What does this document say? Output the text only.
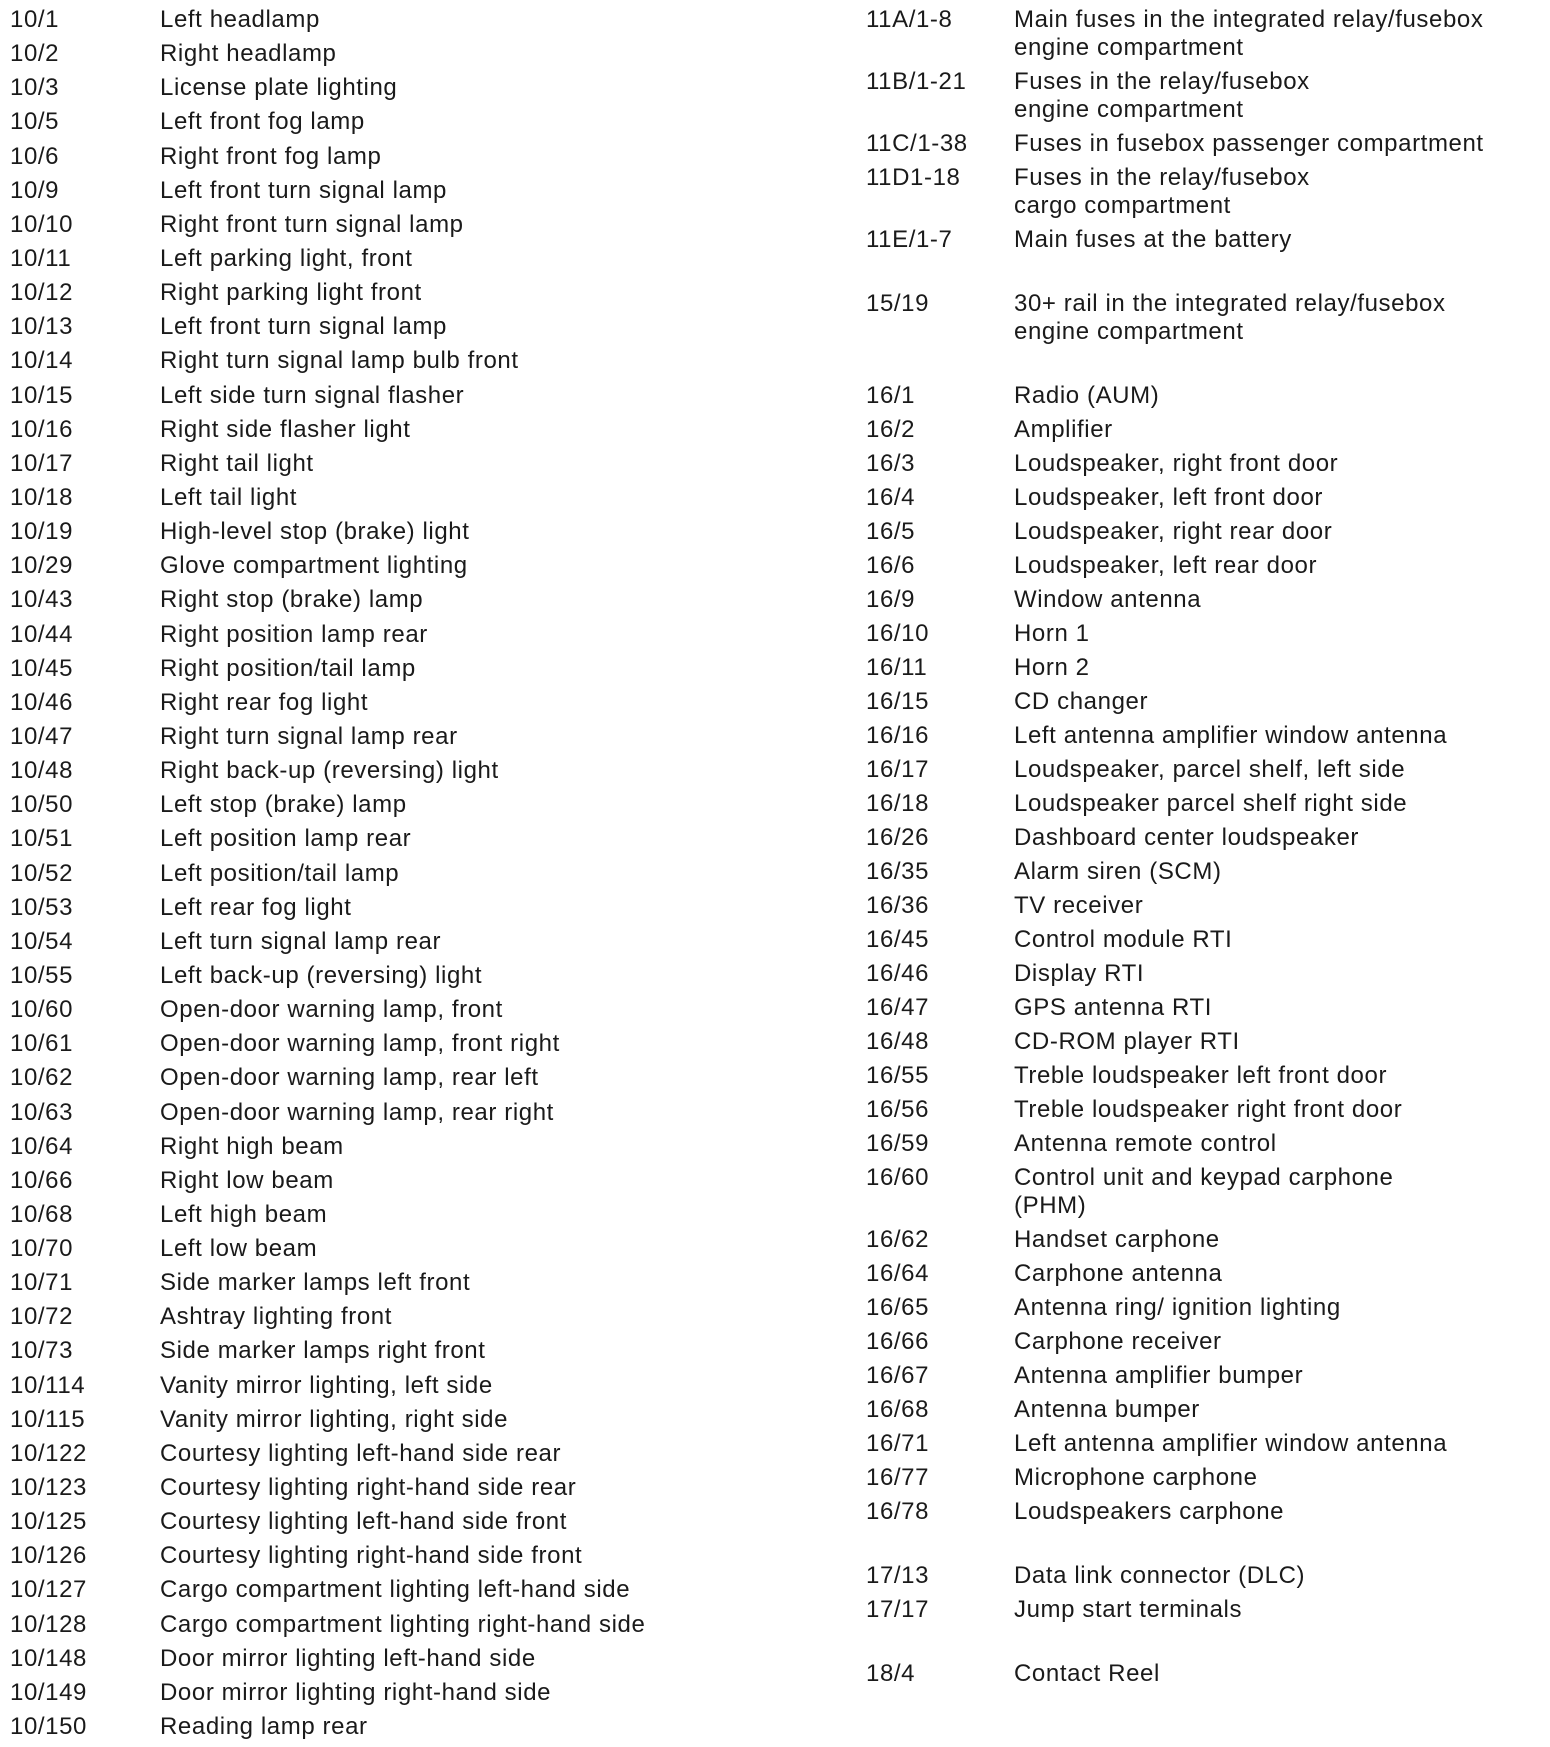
10/1	Left headlamp
10/2	Right headlamp
10/3	License plate lighting
10/5	Left front fog lamp
10/6	Right front fog lamp
10/9	Left front turn signal lamp
10/10	Right front turn signal lamp
10/11	Left parking light, front
10/12	Right parking light front
10/13	Left front turn signal lamp
10/14	Right turn signal lamp bulb front
10/15	Left side turn signal flasher
10/16	Right side flasher light
10/17	Right tail light
10/18	Left tail light
10/19	High-level stop (brake) light
10/29	Glove compartment lighting
10/43	Right stop (brake) lamp
10/44	Right position lamp rear
10/45	Right position/tail lamp
10/46	Right rear fog light
10/47	Right turn signal lamp rear
10/48	Right back-up (reversing) light
10/50	Left stop (brake) lamp
10/51	Left position lamp rear
10/52	Left position/tail lamp
10/53	Left rear fog light
10/54	Left turn signal lamp rear
10/55	Left back-up (reversing) light
10/60	Open-door warning lamp, front
10/61	Open-door warning lamp, front right
10/62	Open-door warning lamp, rear left
10/63	Open-door warning lamp, rear right
10/64	Right high beam
10/66	Right low beam
10/68	Left high beam
10/70	Left low beam
10/71	Side marker lamps left front
10/72	Ashtray lighting front
10/73	Side marker lamps right front
10/114	Vanity mirror lighting, left side
10/115	Vanity mirror lighting, right side
10/122	Courtesy lighting left-hand side rear
10/123	Courtesy lighting right-hand side rear
10/125	Courtesy lighting left-hand side front
10/126	Courtesy lighting right-hand side front
10/127	Cargo compartment lighting left-hand side
10/128	Cargo compartment lighting right-hand side
10/148	Door mirror lighting left-hand side
10/149	Door mirror lighting right-hand side
10/150	Reading lamp rear
11A/1-8	Main fuses in the integrated relay/fusebox
engine compartment
11B/1-21	Fuses in the relay/fusebox
engine compartment
11C/1-38	Fuses in fusebox passenger compartment
11D1-18	Fuses in the relay/fusebox
cargo compartment
11E/1-7	Main fuses at the battery
15/19	30+ rail in the integrated relay/fusebox
engine compartment
16/1	Radio (AUM)
16/2	Amplifier
16/3	Loudspeaker, right front door
16/4	Loudspeaker, left front door
16/5	Loudspeaker, right rear door
16/6	Loudspeaker, left rear door
16/9	Window antenna
16/10	Horn 1
16/11	Horn 2
16/15	CD changer
16/16	Left antenna amplifier window antenna
16/17	Loudspeaker, parcel shelf, left side
16/18	Loudspeaker parcel shelf right side
16/26	Dashboard center loudspeaker
16/35	Alarm siren (SCM)
16/36	TV receiver
16/45	Control module RTI
16/46	Display RTI
16/47	GPS antenna RTI
16/48	CD-ROM player RTI
16/55	Treble loudspeaker left front door
16/56	Treble loudspeaker right front door
16/59	Antenna remote control
16/60	Control unit and keypad carphone
(PHM)
16/62	Handset carphone
16/64	Carphone antenna
16/65	Antenna ring/ ignition lighting
16/66	Carphone receiver
16/67	Antenna amplifier bumper
16/68	Antenna bumper
16/71	Left antenna amplifier window antenna
16/77	Microphone carphone
16/78	Loudspeakers carphone
17/13	Data link connector (DLC)
17/17	Jump start terminals
18/4	Contact Reel
